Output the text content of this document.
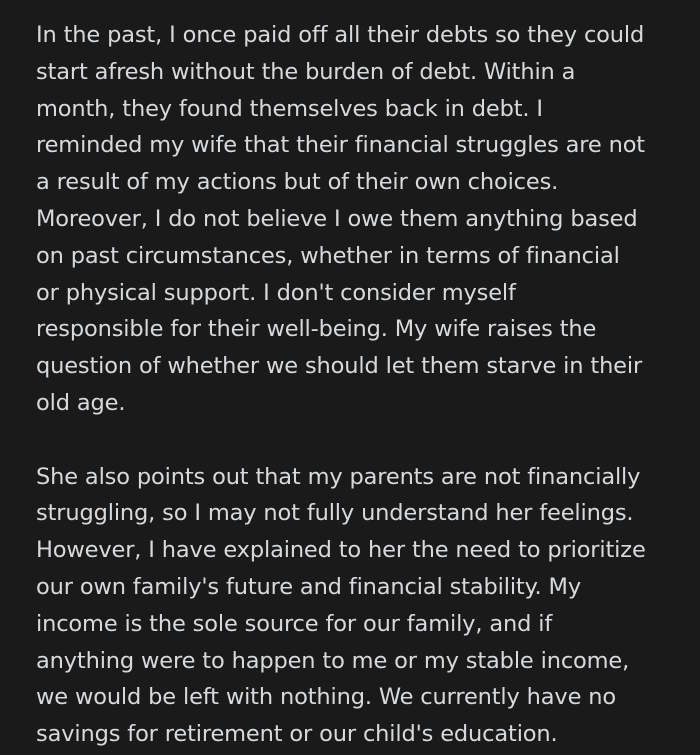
In the past, I once paid off all their debts so they could
start afresh without the burden of debt. Within a
month, they found themselves back in debt. I
reminded my wife that their financial struggles are not
a result of my actions but of their own choices.
Moreover, I do not believe I owe them anything based
on past circumstances, whether in terms of financial
or physical support. I don't consider myself
responsible for their well-being. My wife raises the
question of whether we should let them starve in their
old age.

She also points out that my parents are not financially
struggling, so I may not fully understand her feelings.
However, I have explained to her the need to prioritize
our own family's future and financial stability. My
income is the sole source for our family, and if
anything were to happen to me or my stable income,
we would be left with nothing. We currently have no
savings for retirement or our child's education.
